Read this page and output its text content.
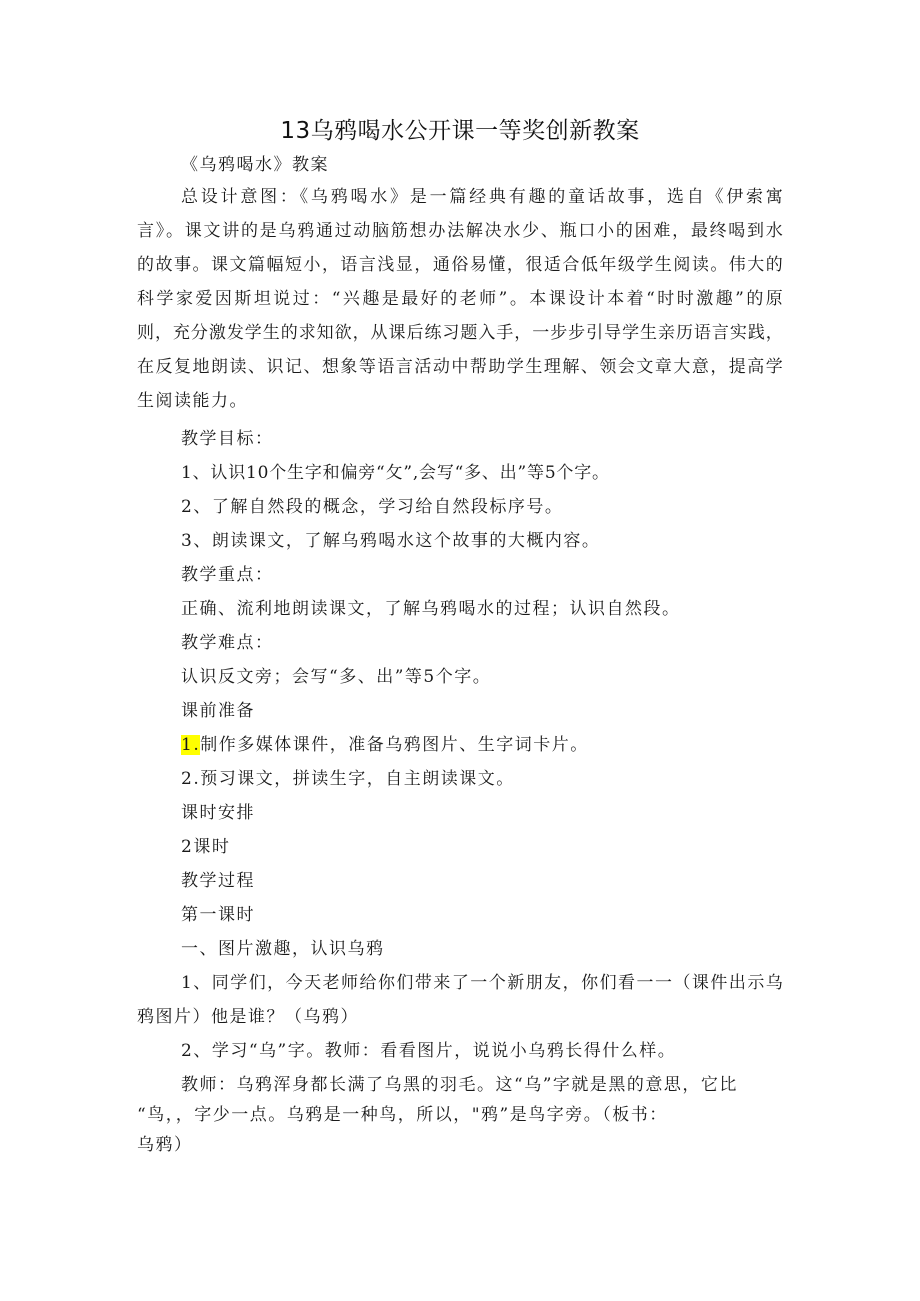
13乌鸦喝水公开课一等奖创新教案
《乌鸦喝水》教案
总设计意图：《乌鸦喝水》是一篇经典有趣的童话故事，选自《伊索寓
言》。课文讲的是乌鸦通过动脑筋想办法解决水少、瓶口小的困难，最终喝到水
的故事。课文篇幅短小，语言浅显，通俗易懂，很适合低年级学生阅读。伟大的
科学家爱因斯坦说过：“兴趣是最好的老师”。本课设计本着“时时激趣”的原
则，充分激发学生的求知欲，从课后练习题入手，一步步引导学生亲历语言实践，
在反复地朗读、识记、想象等语言活动中帮助学生理解、领会文章大意，提高学
生阅读能力。
教学目标：
1、认识10个生字和偏旁“攵”,会写“多、出”等5个字。
2、了解自然段的概念，学习给自然段标序号。
3、朗读课文，了解乌鸦喝水这个故事的大概内容。
教学重点：
正确、流利地朗读课文，了解乌鸦喝水的过程；认识自然段。
教学难点：
认识反文旁；会写“多、出”等5个字。
课前准备
1.制作多媒体课件，准备乌鸦图片、生字词卡片。
2.预习课文，拼读生字，自主朗读课文。
课时安排
2课时
教学过程
第一课时
一、图片激趣，认识乌鸦
1、同学们，今天老师给你们带来了一个新朋友，你们看一一（课件出示乌
鸦图片）他是谁？（乌鸦）
2、学习“乌”字。教师：看看图片，说说小乌鸦长得什么样。
教师：乌鸦浑身都长满了乌黑的羽毛。这“乌”字就是黑的意思，它比
“鸟，，字少一点。乌鸦是一种鸟，所以，"鸦”是鸟字旁。（板书：
乌鸦）
